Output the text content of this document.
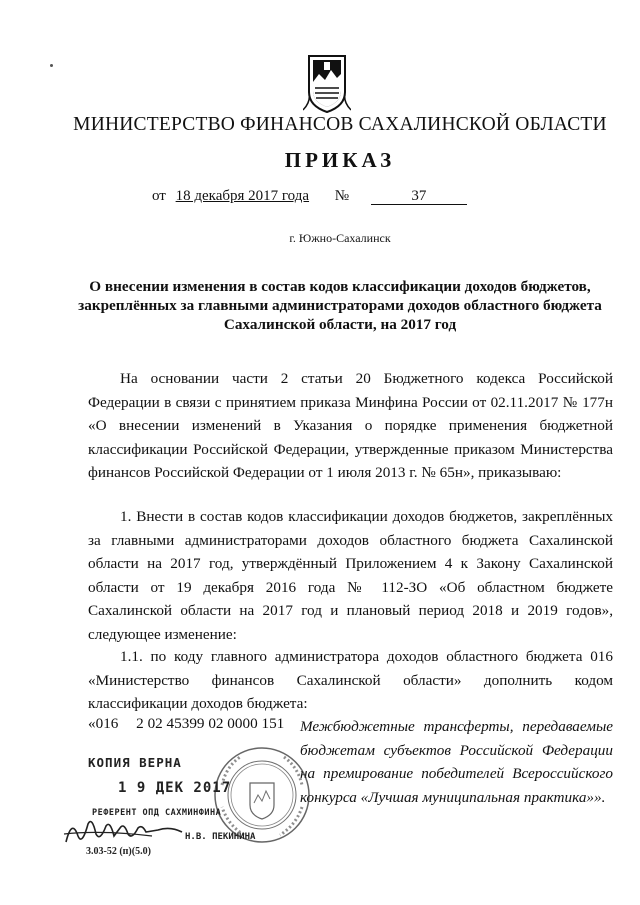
МИНИСТЕРСТВО ФИНАНСОВ САХАЛИНСКОЙ ОБЛАСТИ
ПРИКАЗ
от 18 декабря 2017 года №	37
г. Южно-Сахалинск
О внесении изменения в состав кодов классификации доходов бюджетов, закреплённых за главными администраторами доходов областного бюджета Сахалинской области, на 2017 год
На основании части 2 статьи 20 Бюджетного кодекса Российской Федерации в связи с принятием приказа Минфина России от 02.11.2017 № 177н «О внесении изменений в Указания о порядке применения бюджетной классификации Российской Федерации, утвержденные приказом Министерства финансов Российской Федерации от 1 июля 2013 г. № 65н», приказываю:
1. Внести в состав кодов классификации доходов бюджетов, закреплённых за главными администраторами доходов областного бюджета Сахалинской области на 2017 год, утверждённый Приложением 4 к Закону Сахалинской области от 19 декабря 2016 года № 112-ЗО «Об областном бюджете Сахалинской области на 2017 год и плановый период 2018 и 2019 годов», следующее изменение:
1.1. по коду главного администратора доходов областного бюджета 016 «Министерство финансов Сахалинской области» дополнить кодом классификации доходов бюджета:
«016 2 02 45399 02 0000 151 Межбюджетные трансферты, передаваемые бюджетам субъектов Российской Федерации на премирование победителей Всероссийского конкурса «Лучшая муниципальная практика»».
КОПИЯ ВЕРНА
1 9 ДЕК 2017
РЕФЕРЕНТ ОПД САХМИНФИНА
Н.В. ПЕКИНИНА
3.03-52 (п)(5.0)
